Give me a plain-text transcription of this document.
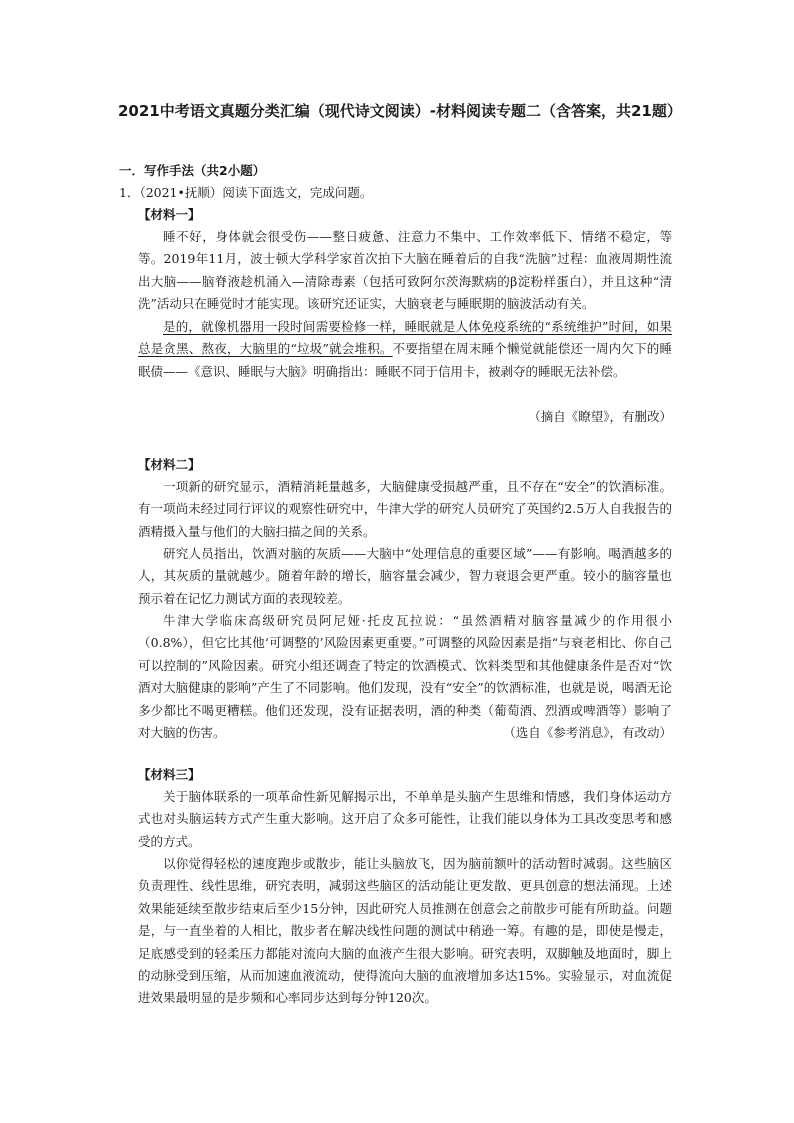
2021中考语文真题分类汇编（现代诗文阅读）-材料阅读专题二（含答案，共21题）
一．写作手法（共2小题）
1．（2021•抚顺）阅读下面选文，完成问题。
【材料一】

睡不好，身体就会很受伤——整日疲惫、注意力不集中、工作效率低下、情绪不稳定，等等。2019年11月，波士顿大学科学家首次拍下大脑在睡着后的自我“洗脑”过程：血液周期性流出大脑——脑脊液趁机涌入—清除毒素（包括可致阿尔茨海默病的β淀粉样蛋白），并且这种“清洗”活动只在睡觉时才能实现。该研究还证实，大脑衰老与睡眠期的脑波活动有关。

是的，就像机器用一段时间需要检修一样，睡眠就是人体免疫系统的“系统维护”时间，如果总是贪黑、熬夜，大脑里的“垃圾”就会堆积。不要指望在周末睡个懒觉就能偿还一周内欠下的睡眠债——《意识、睡眠与大脑》明确指出：睡眠不同于信用卡，被剥夺的睡眠无法补偿。

（摘自《瞭望》，有删改）
【材料二】

一项新的研究显示，酒精消耗量越多，大脑健康受损越严重，且不存在“安全”的饮酒标准。有一项尚未经过同行评议的观察性研究中，牛津大学的研究人员研究了英国约2.5万人自我报告的酒精摄入量与他们的大脑扫描之间的关系。

研究人员指出，饮酒对脑的灰质——大脑中“处理信息的重要区域”——有影响。喝酒越多的人，其灰质的量就越少。随着年龄的增长，脑容量会减少，智力衰退会更严重。较小的脑容量也预示着在记忆力测试方面的表现较差。

牛津大学临床高级研究员阿尼娅·托皮瓦拉说：“虽然酒精对脑容量减少的作用很小（0.8%），但它比其他‘可调整的’风险因素更重要。”可调整的风险因素是指“与衰老相比、你自己可以控制的”风险因素。研究小组还调查了特定的饮酒模式、饮料类型和其他健康条件是否对“饮酒对大脑健康的影响”产生了不同影响。他们发现，没有“安全”的饮酒标准，也就是说，喝酒无论多少都比不喝更糟糕。他们还发现，没有证据表明，酒的种类（葡萄酒、烈酒或啤酒等）影响了对大脑的伤害。	（选自《参考消息》，有改动）
【材料三】

关于脑体联系的一项革命性新见解揭示出，不单单是头脑产生思维和情感，我们身体运动方式也对头脑运转方式产生重大影响。这开启了众多可能性，让我们能以身体为工具改变思考和感受的方式。

以你觉得轻松的速度跑步或散步，能让头脑放飞，因为脑前额叶的活动暂时减弱。这些脑区负责理性、线性思维，研究表明，减弱这些脑区的活动能让更发散、更具创意的想法涌现。上述效果能延续至散步结束后至少15分钟，因此研究人员推测在创意会之前散步可能有所助益。问题是，与一直坐着的人相比，散步者在解决线性问题的测试中稍逊一筹。有趣的是，即使是慢走，足底感受到的轻柔压力都能对流向大脑的血液产生很大影响。研究表明，双脚触及地面时，脚上的动脉受到压缩，从而加速血液流动，使得流向大脑的血液增加多达15%。实验显示，对血流促进效果最明显的是步频和心率同步达到每分钟120次。
